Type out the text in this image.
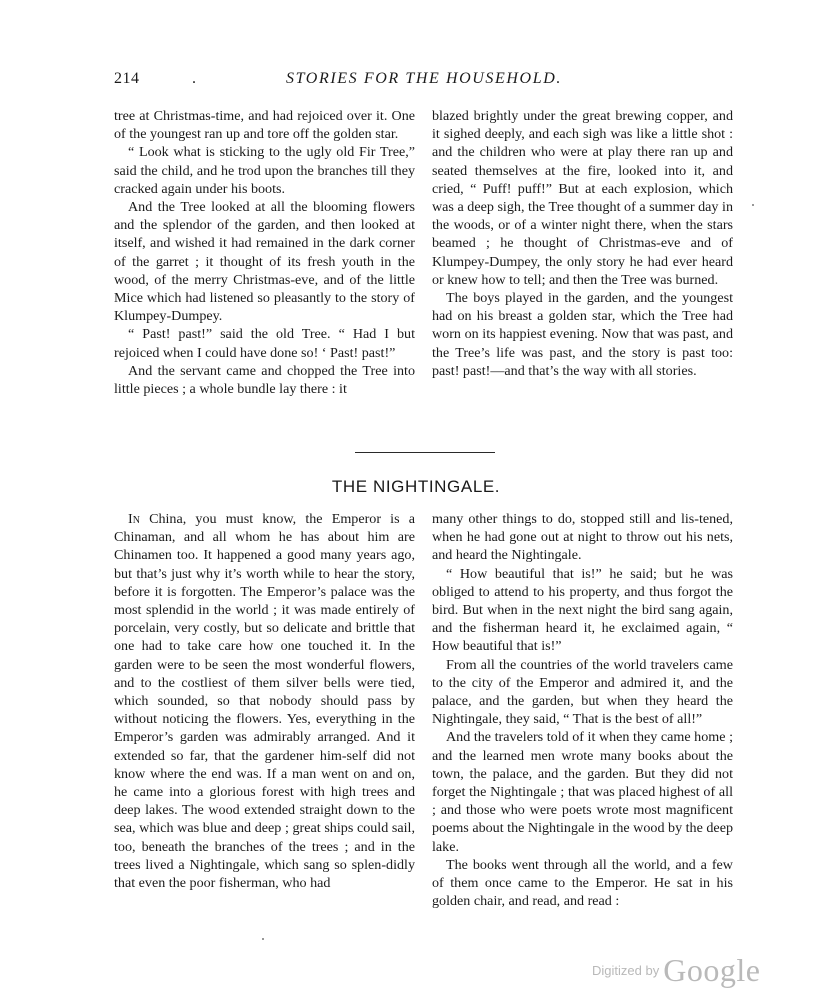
214	.	STORIES FOR THE HOUSEHOLD.

tree at Christmas-time, and had rejoiced over it. One of the youngest ran up and tore off the golden star.

“ Look what is sticking to the ugly old Fir Tree,” said the child, and he trod upon the branches till they cracked again under his boots.

And the Tree looked at all the blooming flowers and the splendor of the garden, and then looked at itself, and wished it had remained in the dark corner of the garret ; it thought of its fresh youth in the wood, of the merry Christmas-eve, and of the little Mice which had listened so pleasantly to the story of Klumpey-Dumpey.

“ Past! past!” said the old Tree. “ Had I but rejoiced when I could have done so! ‘ Past! past!”

And the servant came and chopped the Tree into little pieces ; a whole bundle lay there : it

blazed brightly under the great brewing copper, and it sighed deeply, and each sigh was like a little shot : and the children who were at play there ran up and seated themselves at the fire, looked into it, and cried, “ Puff! puff!” But at each explosion, which was a deep sigh, the Tree thought of a summer day in the woods, or of a winter night there, when the stars beamed ; he thought of Christmas-eve and of Klumpey-Dumpey, the only story he had ever heard or knew how to tell; and then the Tree was burned.

The boys played in the garden, and the youngest had on his breast a golden star, which the Tree had worn on its happiest evening. Now that was past, and the Tree’s life was past, and the story is past too: past! past!—and that’s the way with all stories.

THE NIGHTINGALE.

In China, you must know, the Emperor is a Chinaman, and all whom he has about him are Chinamen too. It happened a good many years ago, but that’s just why it’s worth while to hear the story, before it is forgotten. The Emperor’s palace was the most splendid in the world ; it was made entirely of porcelain, very costly, but so delicate and brittle that one had to take care how one touched it. In the garden were to be seen the most wonderful flowers, and to the costliest of them silver bells were tied, which sounded, so that nobody should pass by without noticing the flowers. Yes, everything in the Emperor’s garden was admirably arranged. And it extended so far, that the gardener him-self did not know where the end was. If a man went on and on, he came into a glorious forest with high trees and deep lakes. The wood extended straight down to the sea, which was blue and deep ; great ships could sail, too, beneath the branches of the trees ; and in the trees lived a Nightingale, which sang so splen-didly that even the poor fisherman, who had

many other things to do, stopped still and lis-tened, when he had gone out at night to throw out his nets, and heard the Nightingale.

“ How beautiful that is!” he said; but he was obliged to attend to his property, and thus forgot the bird. But when in the next night the bird sang again, and the fisherman heard it, he exclaimed again, “ How beautiful that is!”

From all the countries of the world travelers came to the city of the Emperor and admired it, and the palace, and the garden, but when they heard the Nightingale, they said, “ That is the best of all!”

And the travelers told of it when they came home ; and the learned men wrote many books about the town, the palace, and the garden. But they did not forget the Nightingale ; that was placed highest of all ; and those who were poets wrote most magnificent poems about the Nightingale in the wood by the deep lake.

The books went through all the world, and a few of them once came to the Emperor. He sat in his golden chair, and read, and read :

Digitized by Google
